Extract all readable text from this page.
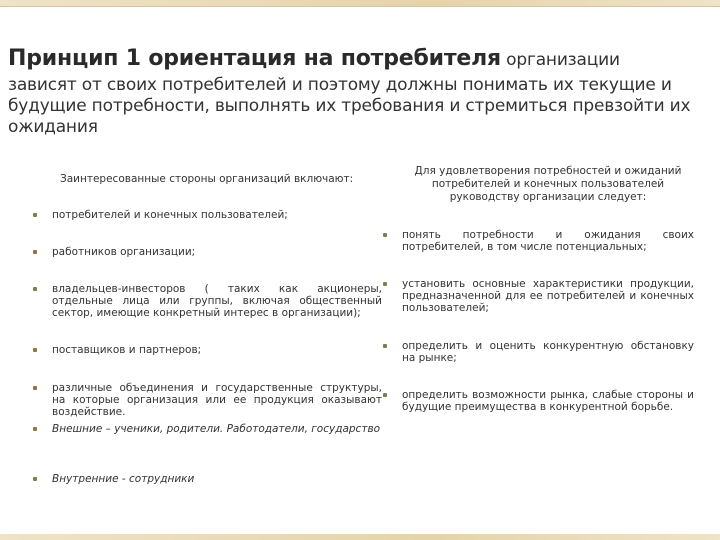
Принцип 1 ориентация на потребителя организации
зависят от своих потребителей и поэтому должны понимать их текущие и будущие потребности, выполнять их требования и стремиться превзойти их ожидания
Заинтересованные стороны организаций включают:
Для удовлетворения потребностей и ожиданий потребителей и конечных пользователей руководству организации следует:
потребителей и конечных пользователей;
работников организации;
владельцев-инвесторов ( таких как акционеры, отдельные лица или группы, включая общественный сектор, имеющие конкретный интерес в организации);
поставщиков и партнеров;
различные объединения и государственные структуры, на которые организация или ее продукция оказывают воздействие.
Внешние – ученики, родители. Работодатели, государство
Внутренние - сотрудники
понять потребности и ожидания своих потребителей, в том числе потенциальных;
установить основные характеристики продукции, предназначенной для ее потребителей и конечных пользователей;
определить и оценить конкурентную обстановку на рынке;
определить возможности рынка, слабые стороны и будущие преимущества в конкурентной борьбе.
